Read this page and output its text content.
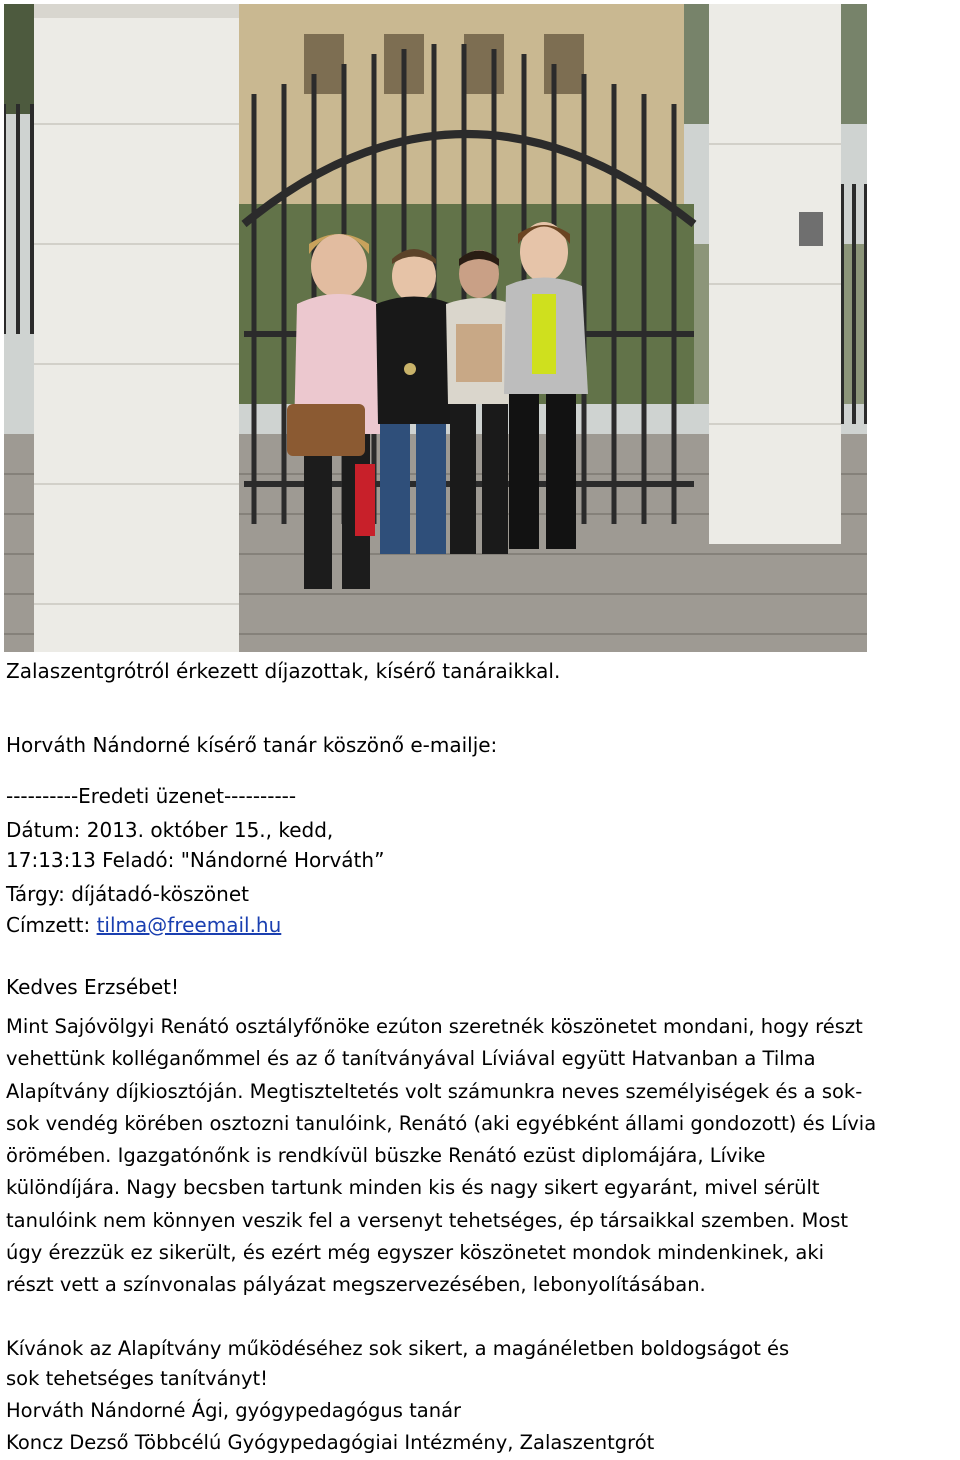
Zalaszentgrótról érkezett díjazottak, kísérő tanáraikkal.
Horváth Nándorné kísérő tanár köszönő e-mailje:
----------Eredeti üzenet----------
Dátum: 2013. október 15., kedd,
17:13:13 Feladó: "Nándorné Horváth”
Tárgy: díjátadó-köszönet
Címzett: tilma@freemail.hu
Kedves Erzsébet!

Mint Sajóvölgyi Renátó osztályfőnöke ezúton szeretnék köszönetet mondani, hogy részt

vehettünk kolléganőmmel és az ő tanítványával Líviával együtt Hatvanban a Tilma

Alapítvány díjkiosztóján. Megtiszteltetés volt számunkra neves személyiségek és a sok-

sok vendég körében osztozni tanulóink, Renátó (aki egyébként állami gondozott) és Lívia

örömében. Igazgatónőnk is rendkívül büszke Renátó ezüst diplomájára, Lívike

különdíjára. Nagy becsben tartunk minden kis és nagy sikert egyaránt, mivel sérült

tanulóink nem könnyen veszik fel a versenyt tehetséges, ép társaikkal szemben. Most

úgy érezzük ez sikerült, és ezért még egyszer köszönetet mondok mindenkinek, aki

részt vett a színvonalas pályázat megszervezésében, lebonyolításában.

Kívánok az Alapítvány működéséhez sok sikert, a magánéletben boldogságot és

sok tehetséges tanítványt!

Horváth Nándorné Ági, gyógypedagógus tanár
Koncz Dezső Többcélú Gyógypedagógiai Intézmény, Zalaszentgrót
